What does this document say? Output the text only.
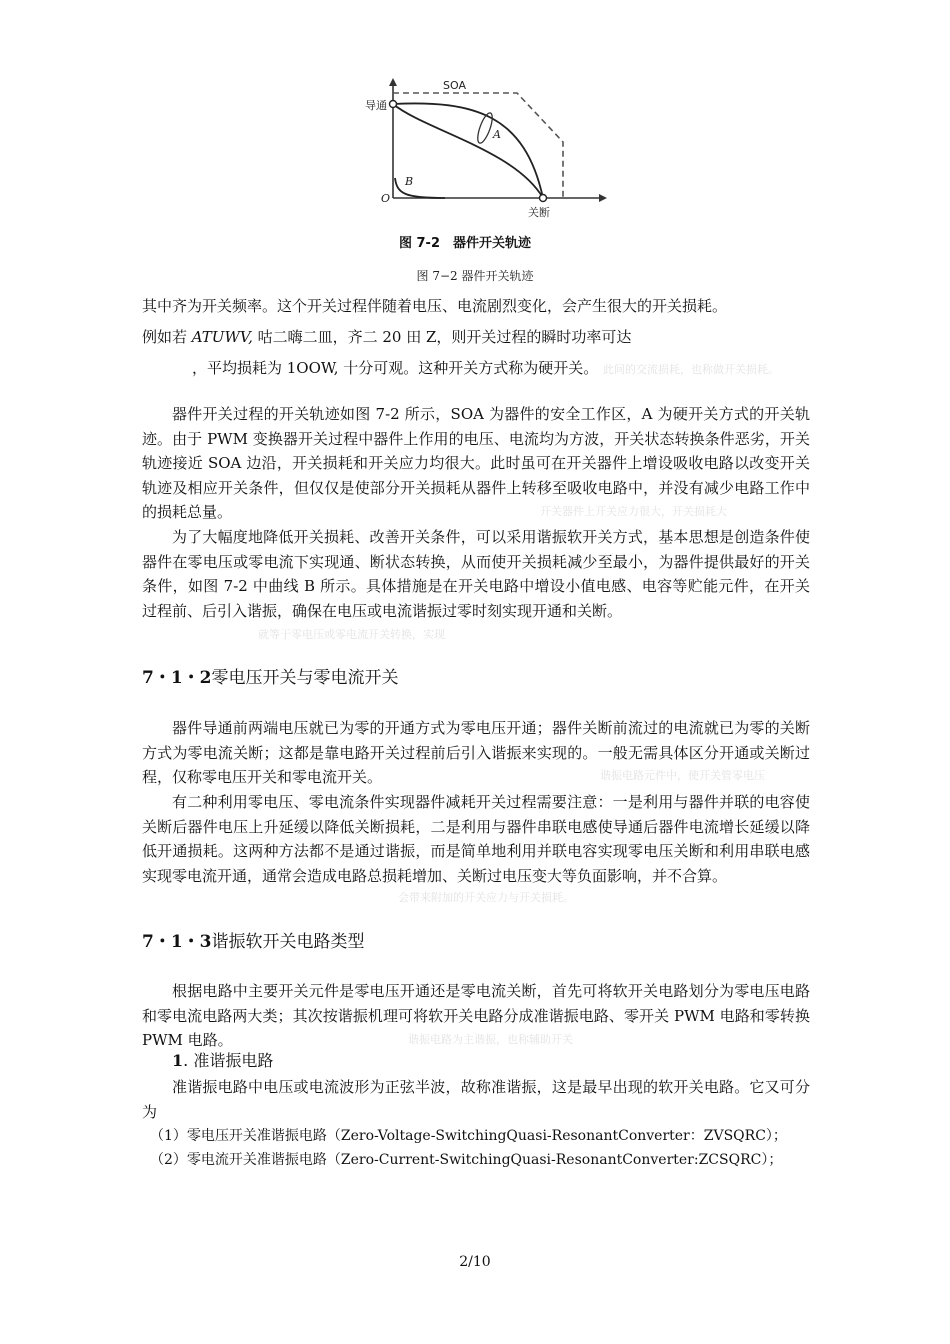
SOA
导通
关断
O
A
B
图 7-2　器件开关轨迹
图 7−2 器件开关轨迹
其中齐为开关频率。这个开关过程伴随着电压、电流剧烈变化，会产生很大的开关损耗。
例如若 ATUWV, 咕二嗨二皿，齐二 20 田 Z，则开关过程的瞬时功率可达
，平均损耗为 1OOW, 十分可观。这种开关方式称为硬开关。 此间的交流损耗，也称做开关损耗。
器件开关过程的开关轨迹如图 7-2 所示，SOA 为器件的安全工作区，A 为硬开关方式的开关轨迹。由于 PWM 变换器开关过程中器件上作用的电压、电流均为方波，开关状态转换条件恶劣，开关轨迹接近 SOA 边沿，开关损耗和开关应力均很大。此时虽可在开关器件上增设吸收电路以改变开关轨迹及相应开关条件，但仅仅是使部分开关损耗从器件上转移至吸收电路中，并没有减少电路工作中的损耗总量。	开关器件上开关应力很大，开关损耗大
为了大幅度地降低开关损耗、改善开关条件，可以采用谐振软开关方式，基本思想是创造条件使器件在零电压或零电流下实现通、断状态转换，从而使开关损耗减少至最小，为器件提供最好的开关条件，如图 7-2 中曲线 B 所示。具体措施是在开关电路中增设小值电感、电容等贮能元件，在开关过程前、后引入谐振，确保在电压或电流谐振过零时刻实现开通和关断。
就等于零电压或零电流开关转换，实现
7・1・2零电压开关与零电流开关
器件导通前两端电压就已为零的开通方式为零电压开通；器件关断前流过的电流就已为零的关断方式为零电流关断；这都是靠电路开关过程前后引入谐振来实现的。一般无需具体区分开通或关断过程，仅称零电压开关和零电流开关。	谐振电路元件中，使开关管零电压
有二种利用零电压、零电流条件实现器件减耗开关过程需要注意：一是利用与器件并联的电容使关断后器件电压上升延缓以降低关断损耗，二是利用与器件串联电感使导通后器件电流增长延缓以降低开通损耗。这两种方法都不是通过谐振，而是简单地利用并联电容实现零电压关断和利用串联电感实现零电流开通，通常会造成电路总损耗增加、关断过电压变大等负面影响，并不合算。
会带来附加的开关应力与开关损耗。
7・1・3谐振软开关电路类型
根据电路中主要开关元件是零电压开通还是零电流关断，首先可将软开关电路划分为零电压电路和零电流电路两大类；其次按谐振机理可将软开关电路分成准谐振电路、零开关 PWM 电路和零转换 PWM 电路。	谐振电路为主谐振，也称辅助开关
1. 准谐振电路
准谐振电路中电压或电流波形为正弦半波，故称准谐振，这是最早出现的软开关电路。它又可分为
（1）零电压开关准谐振电路（Zero-Voltage-SwitchingQuasi-ResonantConverter：ZVSQRC）；
（2）零电流开关准谐振电路（Zero-Current-SwitchingQuasi-ResonantConverter:ZCSQRC）；
2/10
